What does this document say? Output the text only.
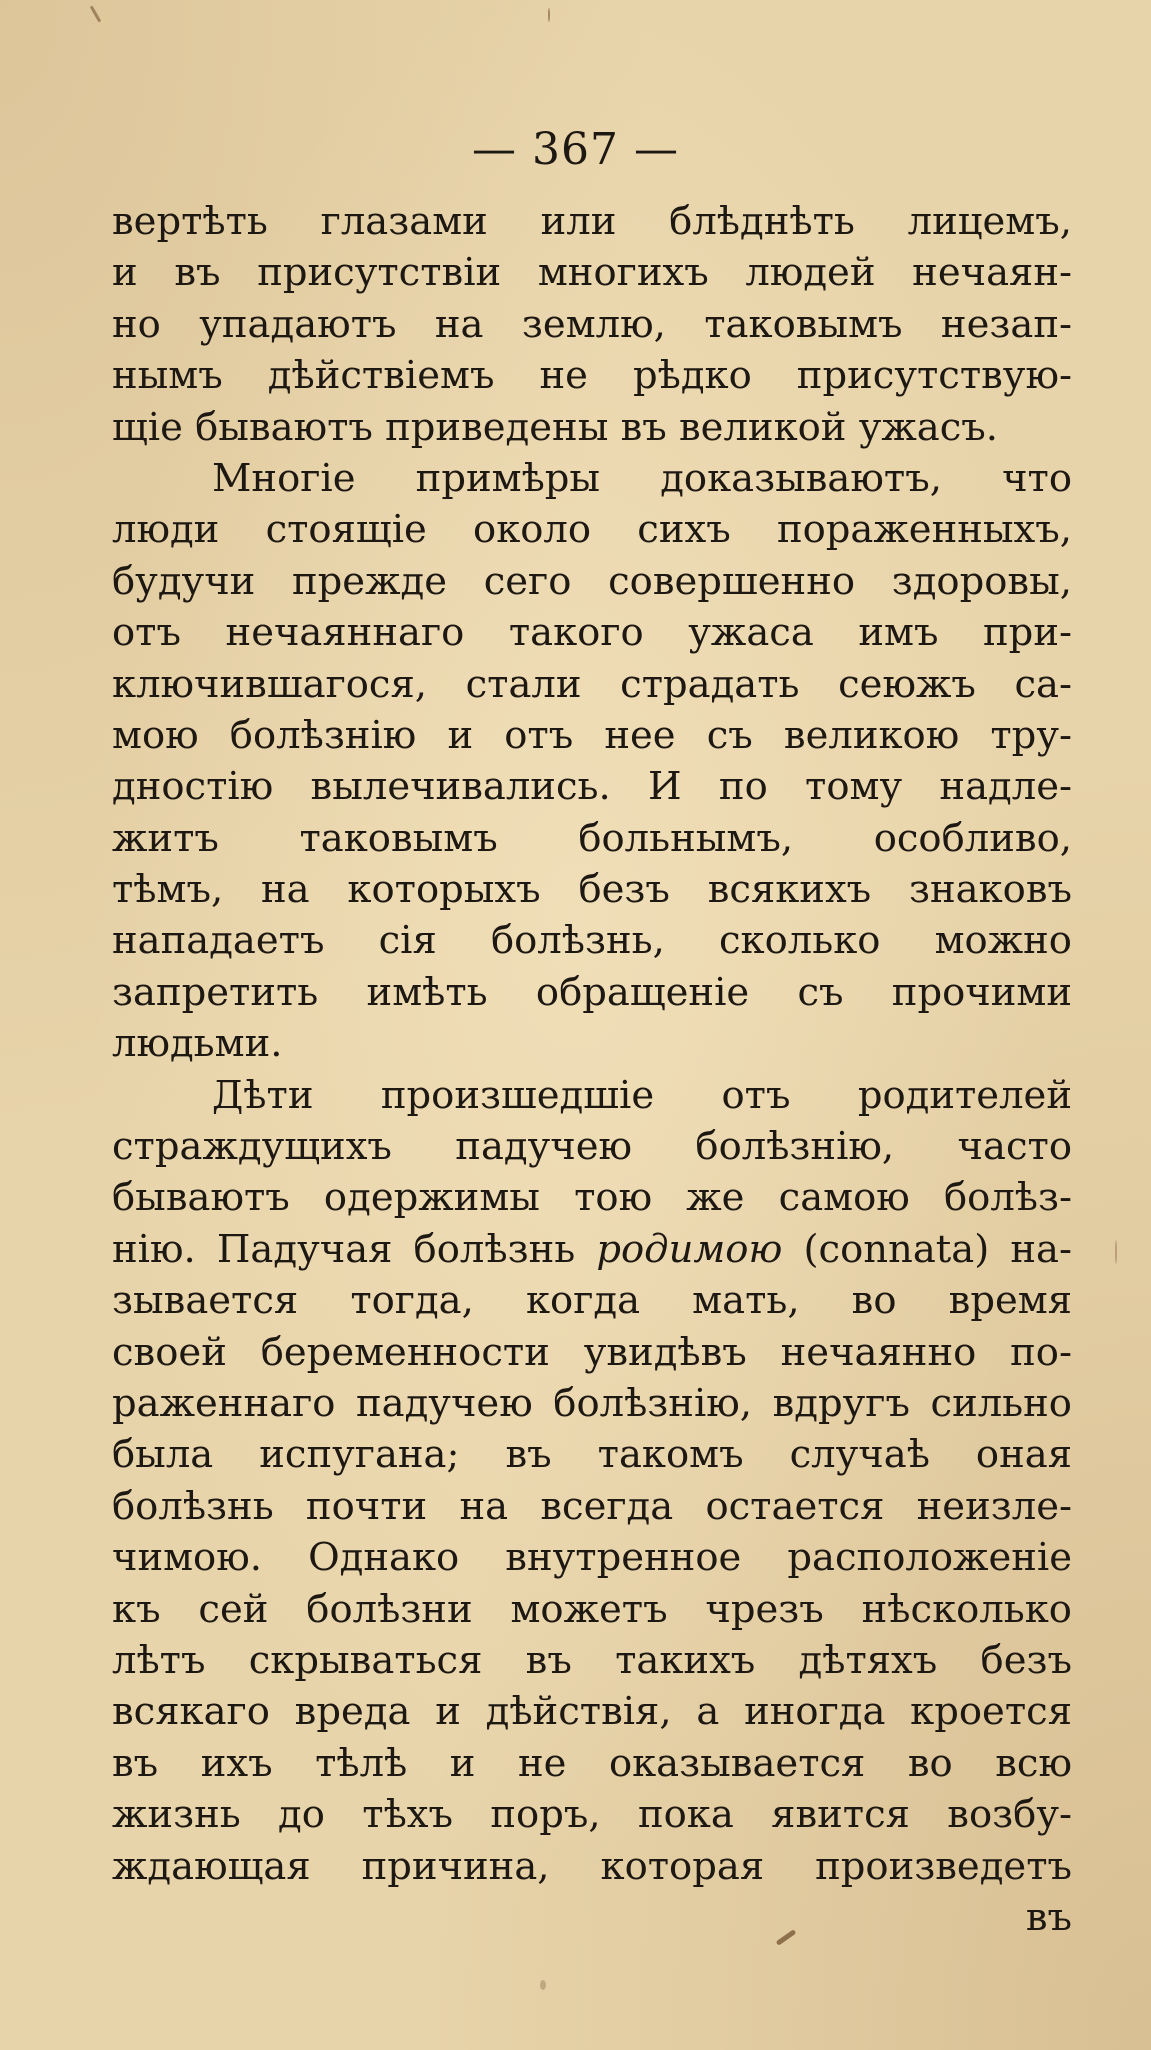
— 367 —
вертѣть глазами или блѣднѣть лицемъ,
и въ присутствіи многихъ людей нечаян-
но упадаютъ на землю, таковымъ незап-
нымъ дѣйствіемъ не рѣдко присутствую-
щіе бываютъ приведены въ великой ужасъ.
Многіе примѣры доказываютъ, что
люди стоящіе около сихъ пораженныхъ,
будучи прежде сего совершенно здоровы,
отъ нечаяннаго такого ужаса имъ при-
ключившагося, стали страдать сеюжъ са-
мою болѣзнію и отъ нее съ великою тру-
дностію вылечивались. И по тому надле-
житъ таковымъ больнымъ, особливо,
тѣмъ, на которыхъ безъ всякихъ знаковъ
нападаетъ сія болѣзнь, сколько можно
запретить имѣть обращеніе съ прочими
людьми.
Дѣти произшедшіе отъ родителей
страждущихъ падучею болѣзнію, часто
бываютъ одержимы тою же самою болѣз-
нію. Падучая болѣзнь родимою (connata) на-
зывается тогда, когда мать, во время
своей беременности увидѣвъ нечаянно по-
раженнаго падучею болѣзнію, вдругъ сильно
была испугана; въ такомъ случаѣ оная
болѣзнь почти на всегда остается неизле-
чимою. Однако внутренное расположеніе
къ сей болѣзни можетъ чрезъ нѣсколько
лѣтъ скрываться въ такихъ дѣтяхъ безъ
всякаго вреда и дѣйствія, а иногда кроется
въ ихъ тѣлѣ и не оказывается во всю
жизнь до тѣхъ поръ, пока явится возбу-
ждающая причина, которая произведетъ
въ
